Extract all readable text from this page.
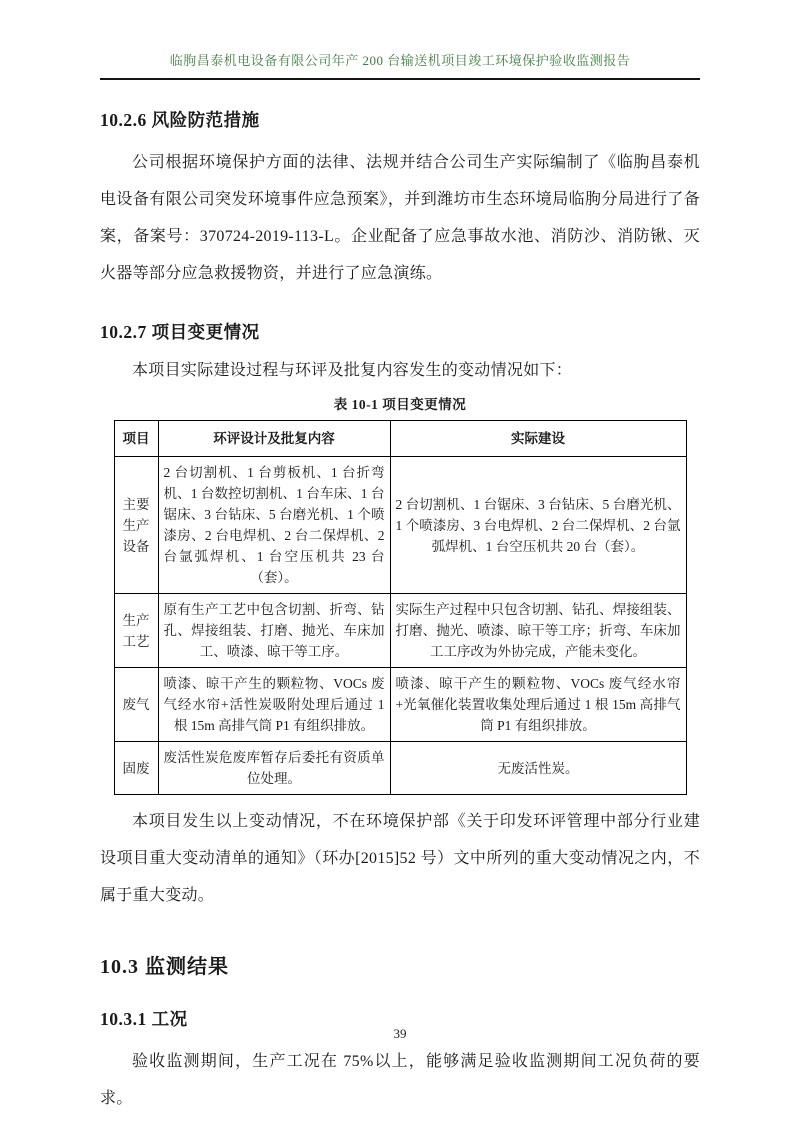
临朐昌泰机电设备有限公司年产 200 台输送机项目竣工环境保护验收监测报告
10.2.6 风险防范措施

公司根据环境保护方面的法律、法规并结合公司生产实际编制了《临朐昌泰机电设备有限公司突发环境事件应急预案》，并到潍坊市生态环境局临朐分局进行了备案，备案号：370724-2019-113-L。企业配备了应急事故水池、消防沙、消防锹、灭火器等部分应急救援物资，并进行了应急演练。

10.2.7 项目变更情况

本项目实际建设过程与环评及批复内容发生的变动情况如下：

表 10-1 项目变更情况
项目	环评设计及批复内容	实际建设
主要生产设备	2 台切割机、1 台剪板机、1 台折弯机、1 台数控切割机、1 台车床、1 台锯床、3 台钻床、5 台磨光机、1 个喷漆房、2 台电焊机、2 台二保焊机、2 台氩弧焊机、1 台空压机共 23 台（套）。	2 台切割机、1 台锯床、3 台钻床、5 台磨光机、1 个喷漆房、3 台电焊机、2 台二保焊机、2 台氩弧焊机、1 台空压机共 20 台（套）。
生产工艺	原有生产工艺中包含切割、折弯、钻孔、焊接组装、打磨、抛光、车床加工、喷漆、晾干等工序。	实际生产过程中只包含切割、钻孔、焊接组装、打磨、抛光、喷漆、晾干等工序；折弯、车床加工工序改为外协完成，产能未变化。
废气	喷漆、晾干产生的颗粒物、VOCs 废气经水帘+活性炭吸附处理后通过 1 根 15m 高排气筒 P1 有组织排放。	喷漆、晾干产生的颗粒物、VOCs 废气经水帘+光氧催化装置收集处理后通过 1 根 15m 高排气筒 P1 有组织排放。
固废	废活性炭危废库暂存后委托有资质单位处理。	无废活性炭。

本项目发生以上变动情况，不在环境保护部《关于印发环评管理中部分行业建设项目重大变动清单的通知》（环办[2015]52 号）文中所列的重大变动情况之内，不属于重大变动。

10.3 监测结果
10.3.1 工况

验收监测期间，生产工况在 75%以上，能够满足验收监测期间工况负荷的要求。

39
